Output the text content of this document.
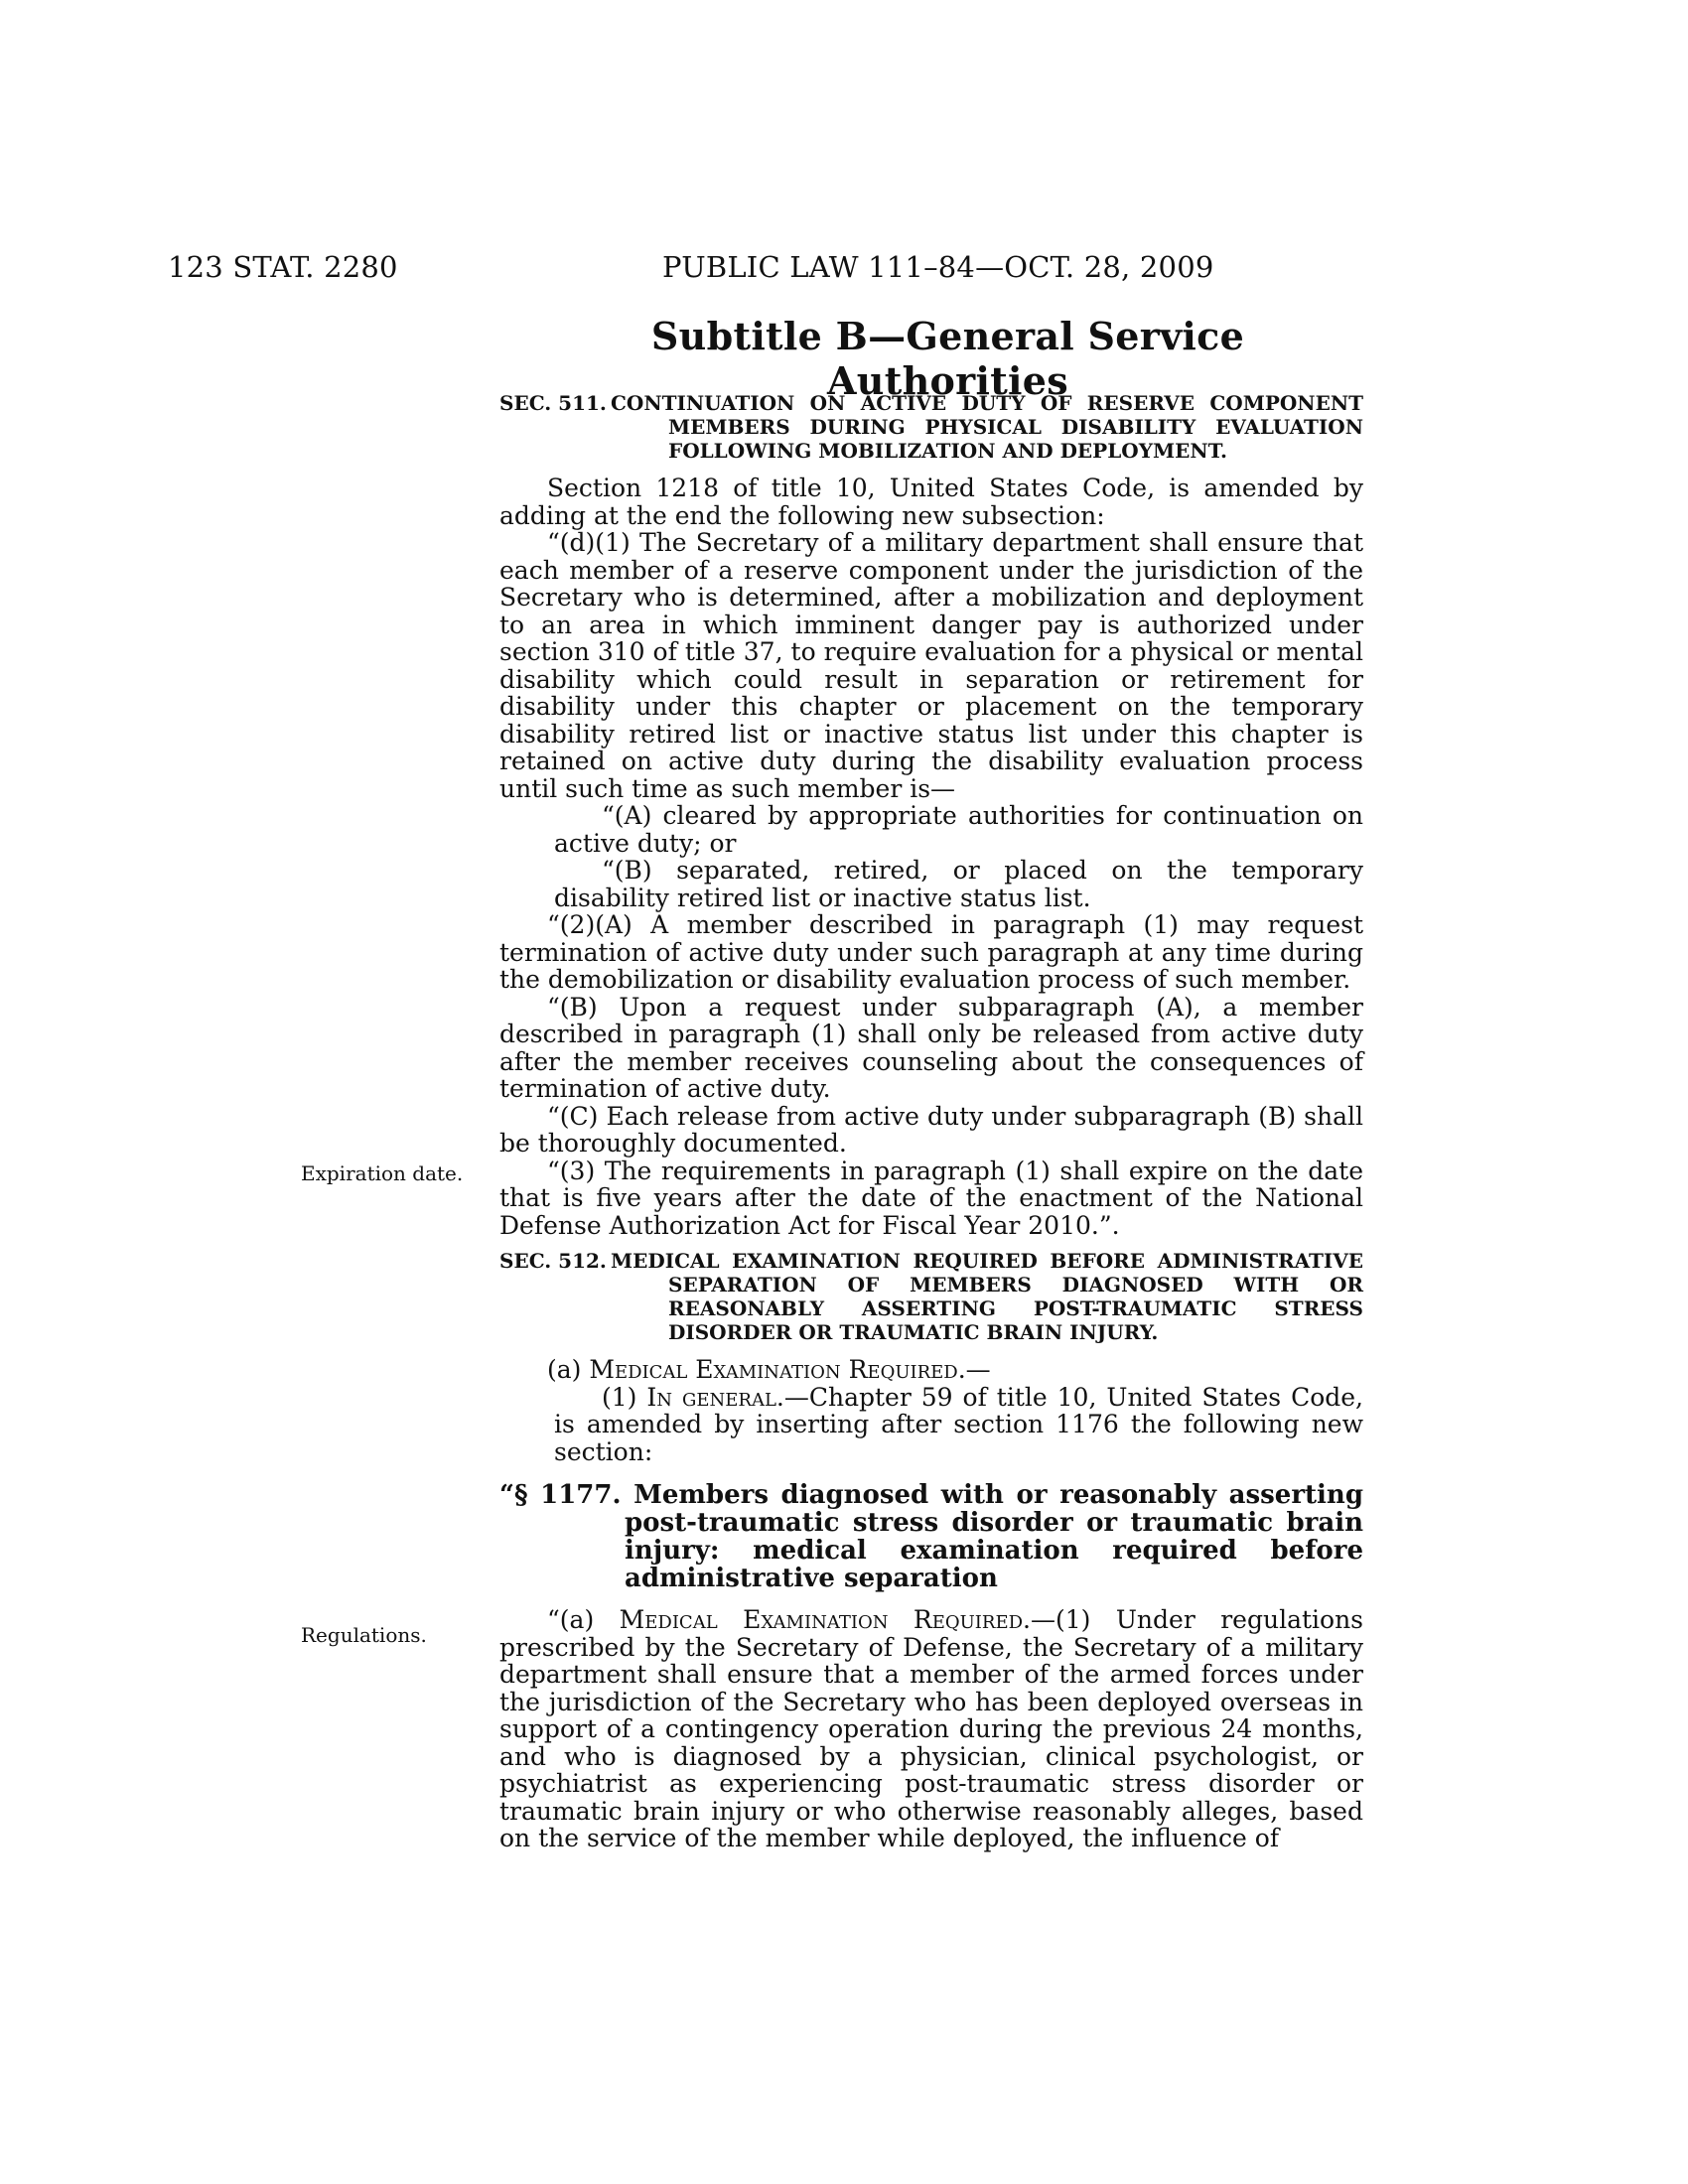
123 STAT. 2280	PUBLIC LAW 111–84—OCT. 28, 2009
Subtitle B—General Service Authorities
Expiration date.
Regulations.
SEC. 511. CONTINUATION ON ACTIVE DUTY OF RESERVE COMPONENT MEMBERS DURING PHYSICAL DISABILITY EVALUATION FOLLOWING MOBILIZATION AND DEPLOYMENT.

Section 1218 of title 10, United States Code, is amended by adding at the end the following new subsection:

“(d)(1) The Secretary of a military department shall ensure that each member of a reserve component under the jurisdiction of the Secretary who is determined, after a mobilization and deployment to an area in which imminent danger pay is authorized under section 310 of title 37, to require evaluation for a physical or mental disability which could result in separation or retirement for disability under this chapter or placement on the temporary disability retired list or inactive status list under this chapter is retained on active duty during the disability evaluation process until such time as such member is—

“(A) cleared by appropriate authorities for continuation on active duty; or

“(B) separated, retired, or placed on the temporary disability retired list or inactive status list.

“(2)(A) A member described in paragraph (1) may request termination of active duty under such paragraph at any time during the demobilization or disability evaluation process of such member.

“(B) Upon a request under subparagraph (A), a member described in paragraph (1) shall only be released from active duty after the member receives counseling about the consequences of termination of active duty.

“(C) Each release from active duty under subparagraph (B) shall be thoroughly documented.

“(3) The requirements in paragraph (1) shall expire on the date that is five years after the date of the enactment of the National Defense Authorization Act for Fiscal Year 2010.”.

SEC. 512. MEDICAL EXAMINATION REQUIRED BEFORE ADMINISTRATIVE SEPARATION OF MEMBERS DIAGNOSED WITH OR REASONABLY ASSERTING POST-TRAUMATIC STRESS DISORDER OR TRAUMATIC BRAIN INJURY.

(a) Medical Examination Required.—

(1) In general.—Chapter 59 of title 10, United States Code, is amended by inserting after section 1176 the following new section:

“§ 1177. Members diagnosed with or reasonably asserting post-traumatic stress disorder or traumatic brain injury: medical examination required before administrative separation

“(a) Medical Examination Required.—(1) Under regulations prescribed by the Secretary of Defense, the Secretary of a military department shall ensure that a member of the armed forces under the jurisdiction of the Secretary who has been deployed overseas in support of a contingency operation during the previous 24 months, and who is diagnosed by a physician, clinical psychologist, or psychiatrist as experiencing post-traumatic stress disorder or traumatic brain injury or who otherwise reasonably alleges, based on the service of the member while deployed, the influence of
